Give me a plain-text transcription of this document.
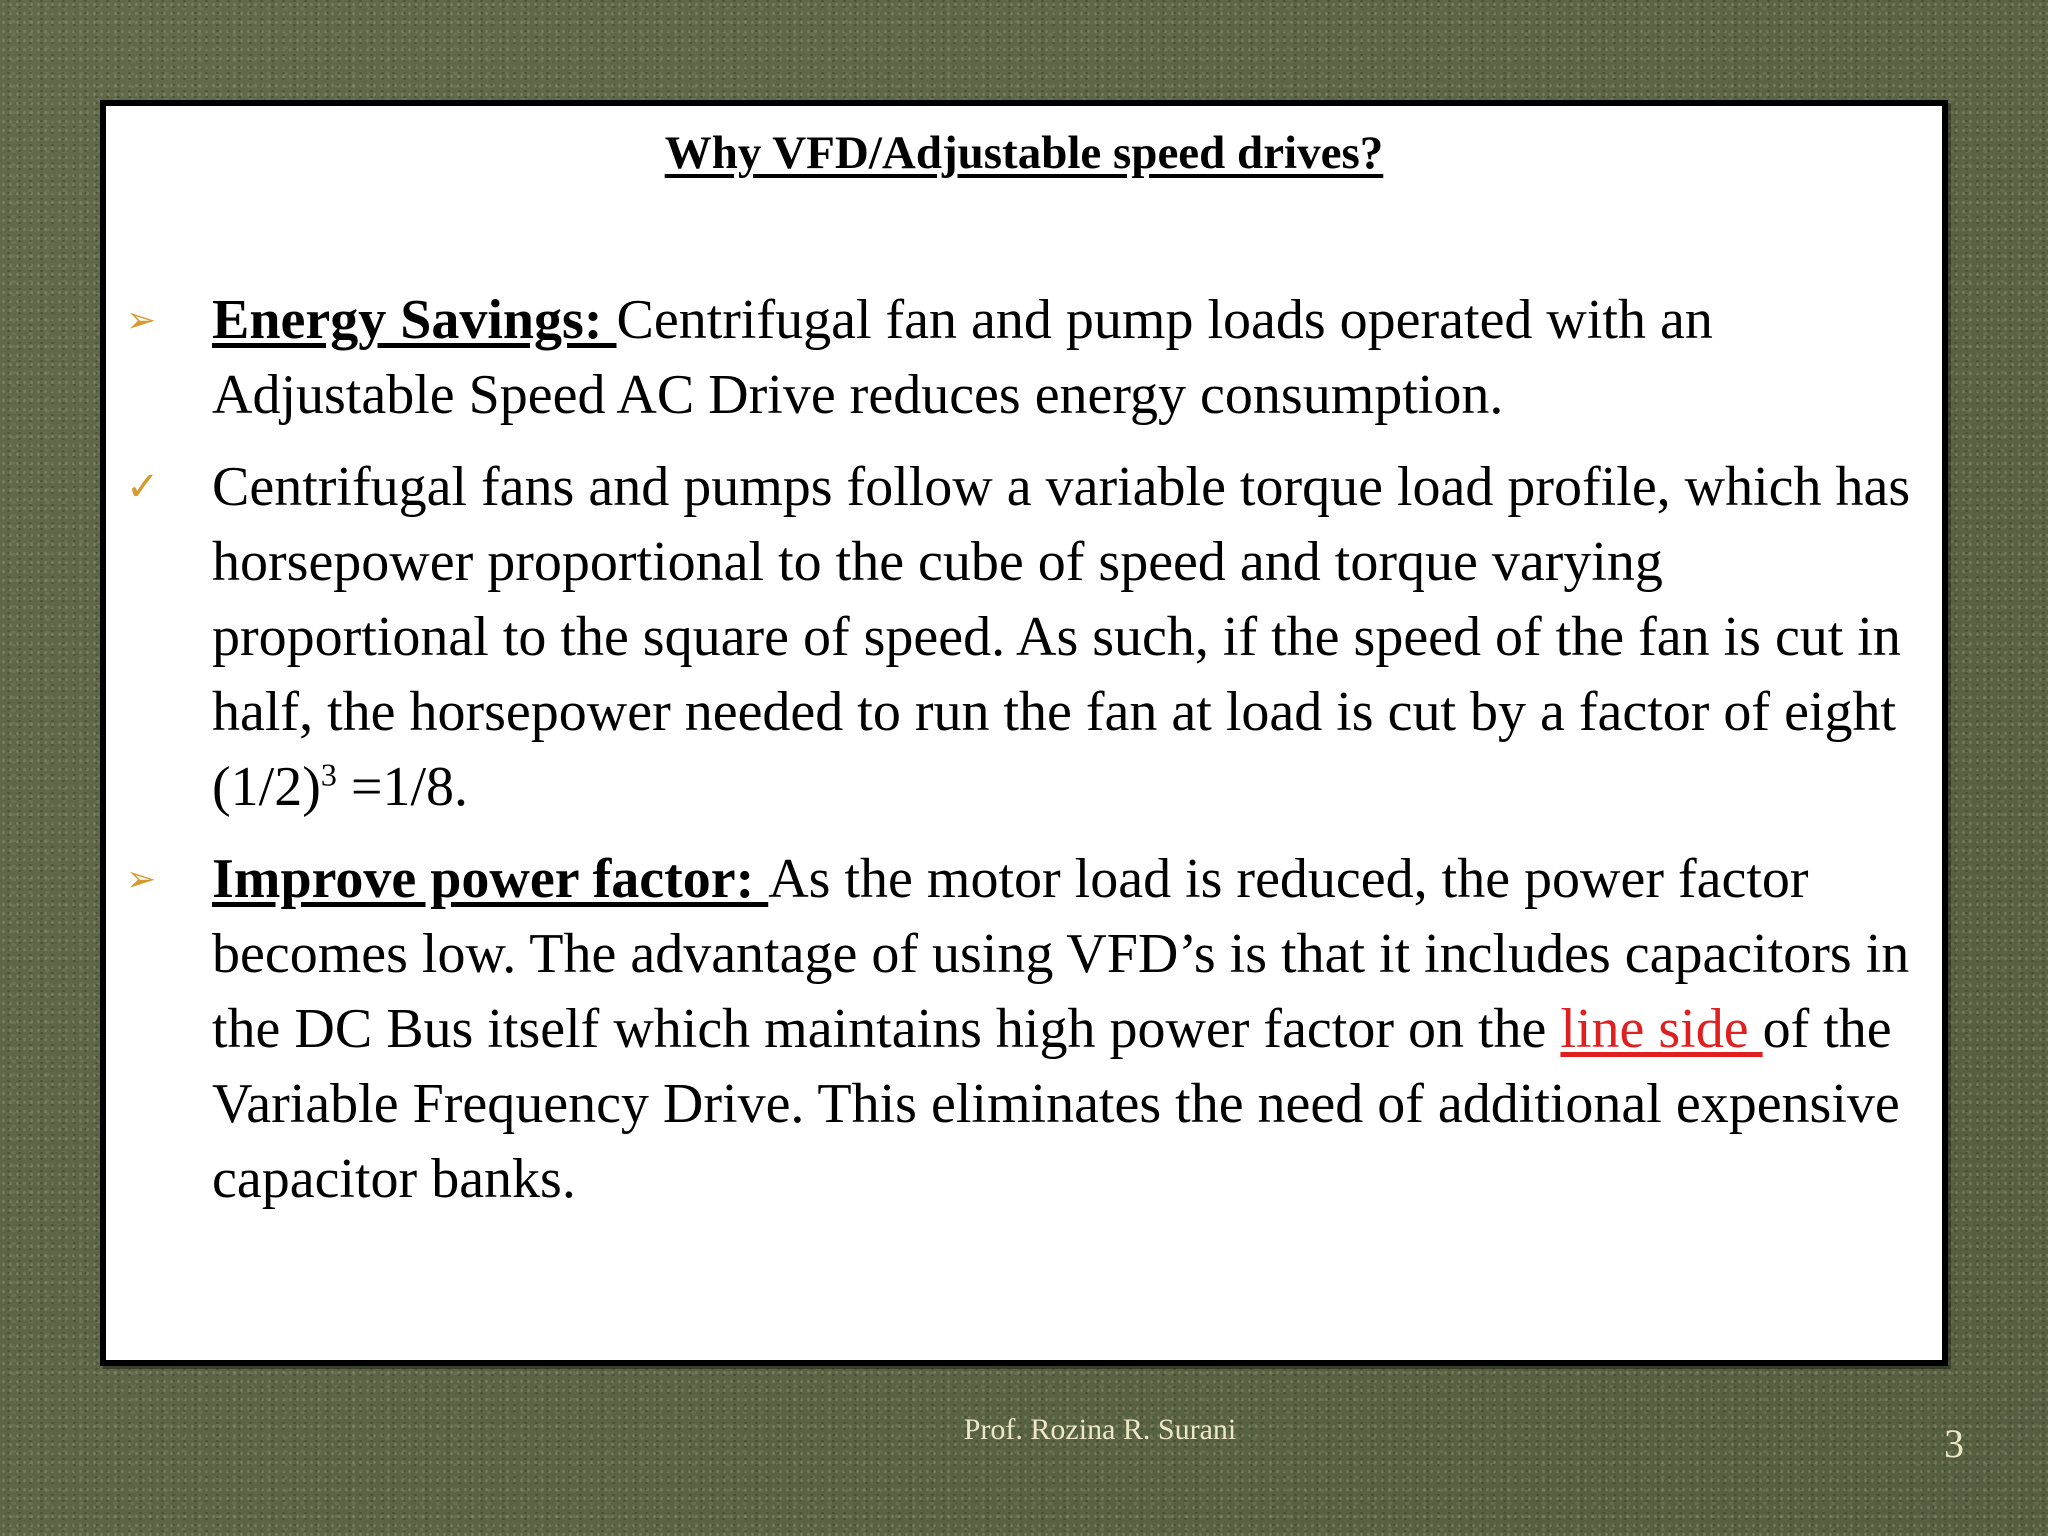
Why VFD/Adjustable speed drives?
➢ Energy Savings: Centrifugal fan and pump loads operated with an Adjustable Speed AC Drive reduces energy consumption.
✓ Centrifugal fans and pumps follow a variable torque load profile, which has horsepower proportional to the cube of speed and torque varying proportional to the square of speed. As such, if the speed of the fan is cut in half, the horsepower needed to run the fan at load is cut by a factor of eight $(1/2)^3 =1/8$.
➢ Improve power factor: As the motor load is reduced, the power factor becomes low. The advantage of using VFD’s is that it includes capacitors in the DC Bus itself which maintains high power factor on the line side of the Variable Frequency Drive. This eliminates the need of additional expensive capacitor banks.
Prof. Rozina R. Surani	3
